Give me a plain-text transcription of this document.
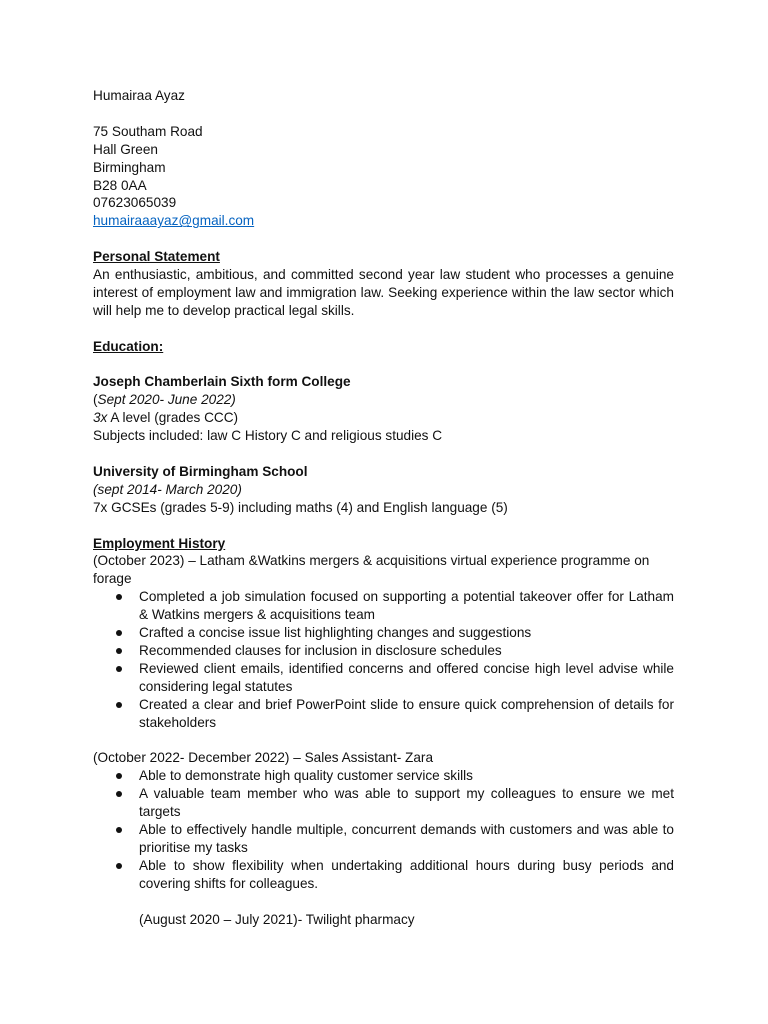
Humairaa Ayaz
75 Southam Road
Hall Green
Birmingham
B28 0AA
07623065039
humairaaayaz@gmail.com
Personal Statement
An enthusiastic, ambitious, and committed second year law student who processes a genuine interest of employment law and immigration law. Seeking experience within the law sector which will help me to develop practical legal skills.
Education:
Joseph Chamberlain Sixth form College
(Sept 2020- June 2022)
3x A level (grades CCC)
Subjects included: law C History C and religious studies C
University of Birmingham School
(sept 2014- March 2020)
7x GCSEs (grades 5-9) including maths (4) and English language (5)
Employment History
(October 2023) – Latham &Watkins mergers & acquisitions virtual experience programme on
forage
Completed a job simulation focused on supporting a potential takeover offer for Latham & Watkins mergers & acquisitions team
Crafted a concise issue list highlighting changes and suggestions
Recommended clauses for inclusion in disclosure schedules
Reviewed client emails, identified concerns and offered concise high level advise while considering legal statutes
Created a clear and brief PowerPoint slide to ensure quick comprehension of details for stakeholders
(October 2022- December 2022) – Sales Assistant- Zara
Able to demonstrate high quality customer service skills
A valuable team member who was able to support my colleagues to ensure we met targets
Able to effectively handle multiple, concurrent demands with customers and was able to prioritise my tasks
Able to show flexibility when undertaking additional hours during busy periods and covering shifts for colleagues.
(August 2020 – July 2021)- Twilight pharmacy
